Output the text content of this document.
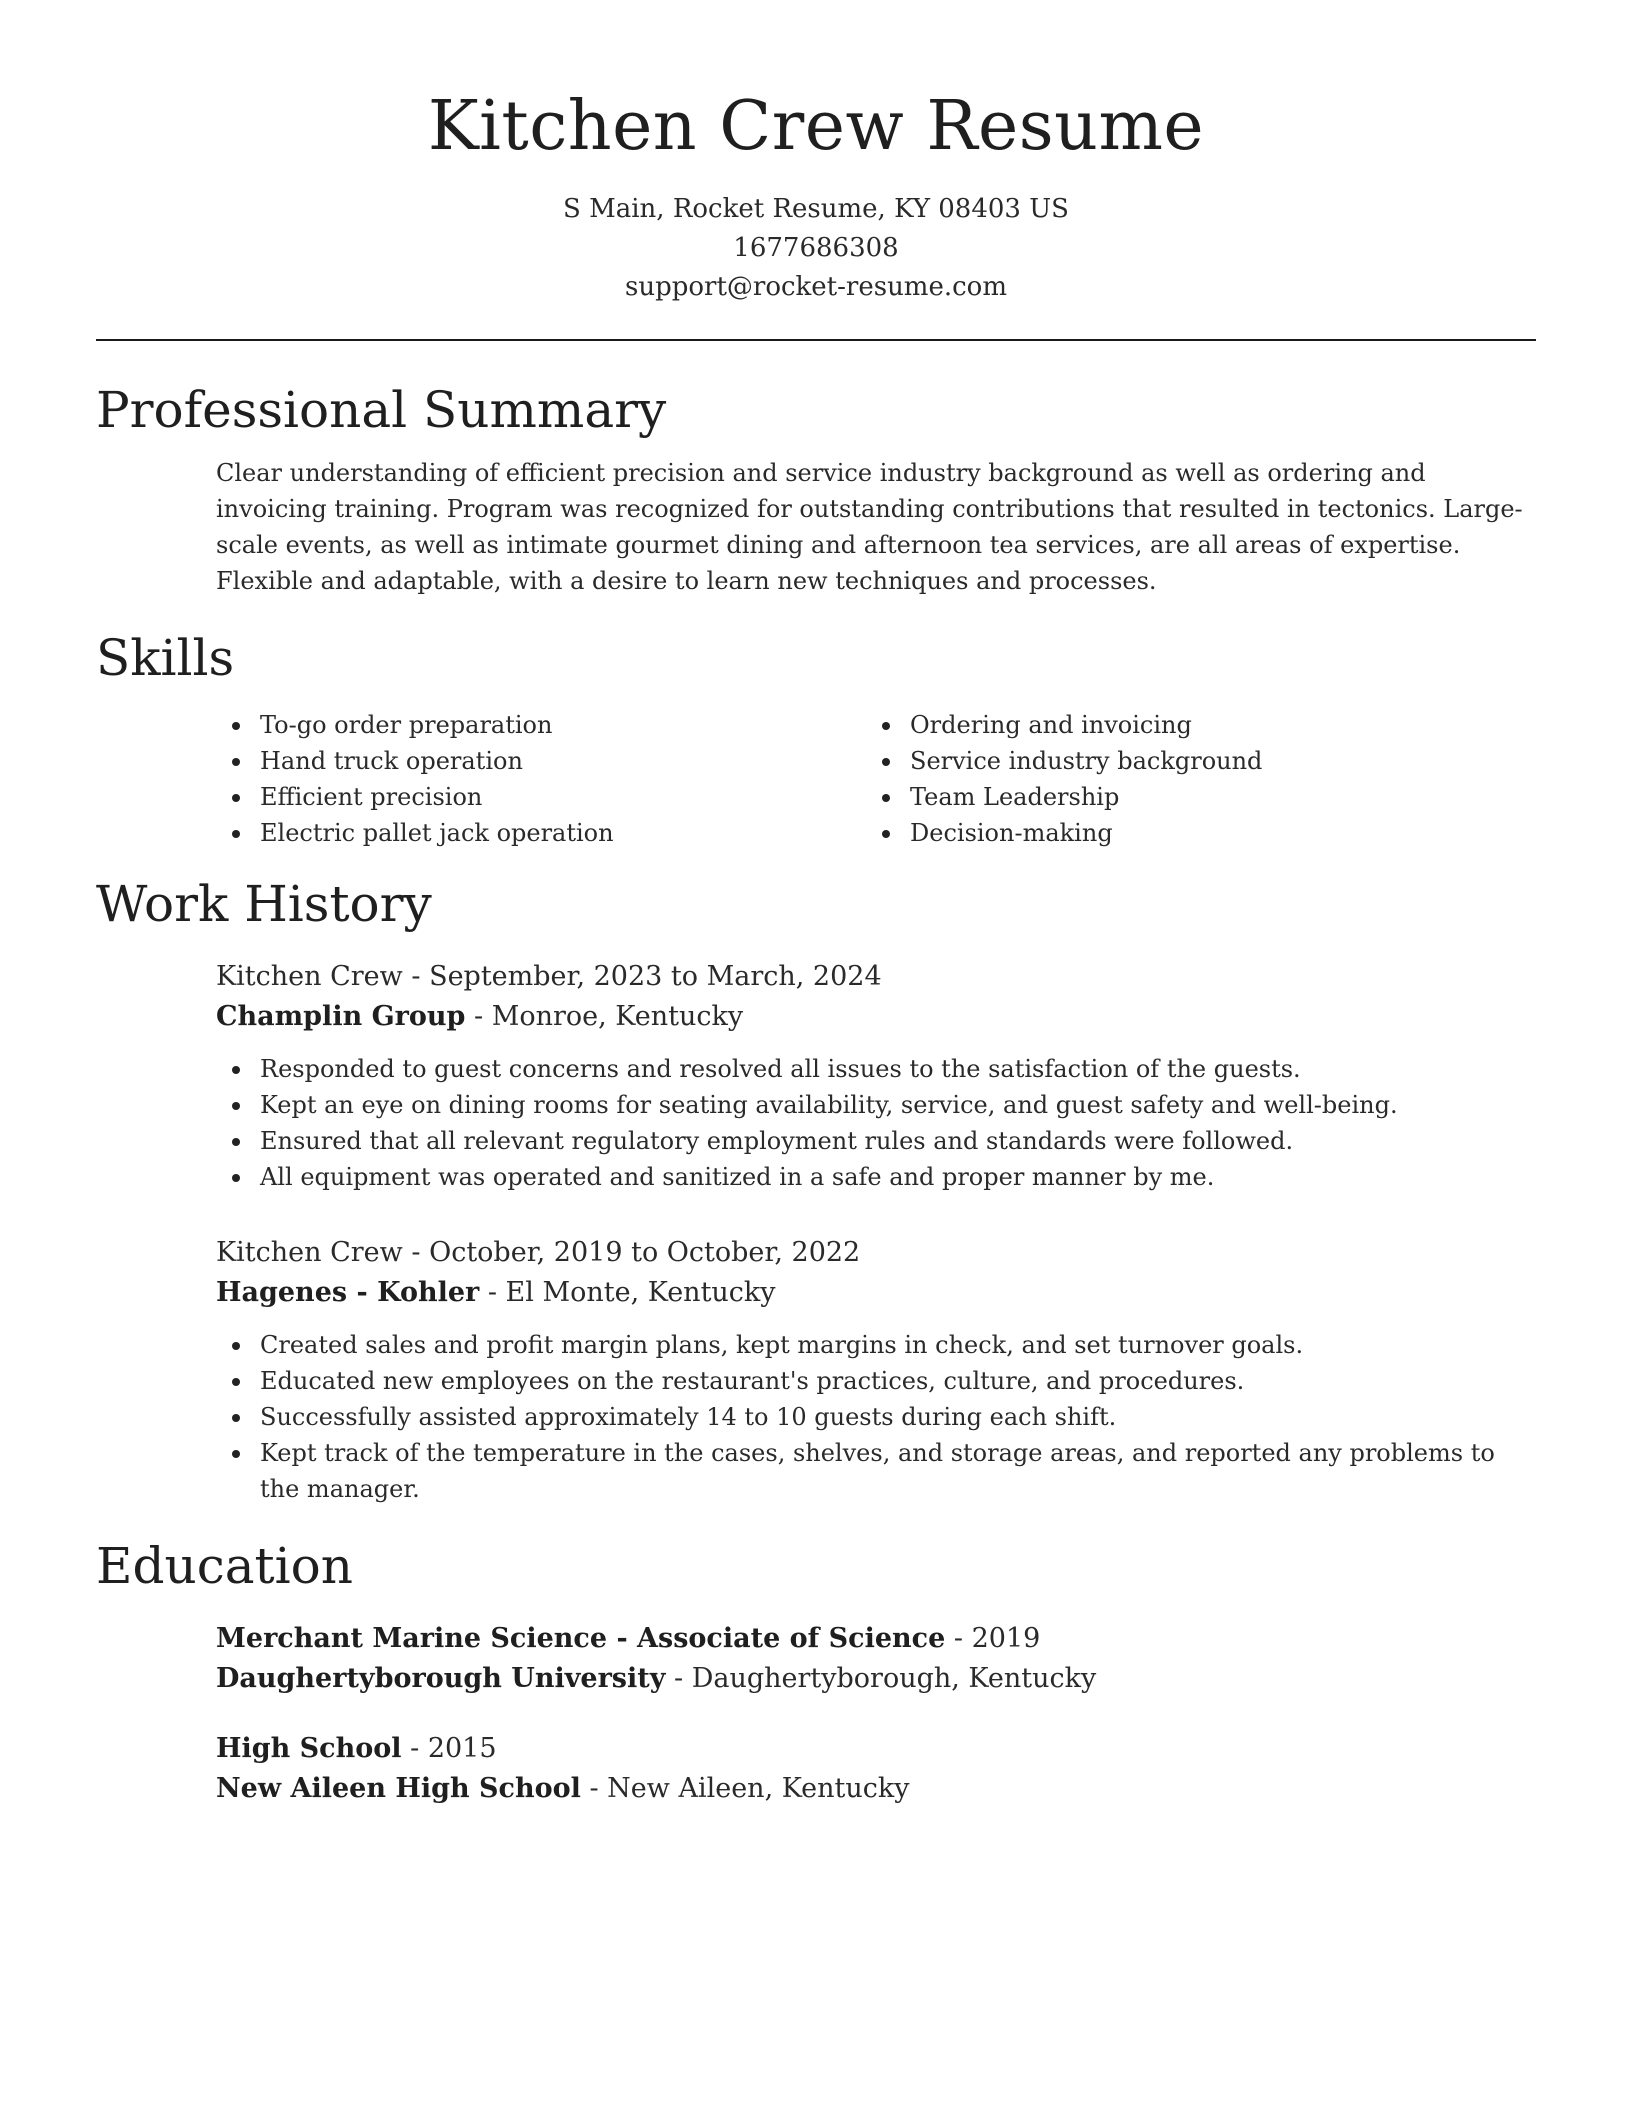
Kitchen Crew Resume
S Main, Rocket Resume, KY 08403 US
1677686308
support@rocket-resume.com
Professional Summary

Clear understanding of efficient precision and service industry background as well as ordering and invoicing training. Program was recognized for outstanding contributions that resulted in tectonics. Large-scale events, as well as intimate gourmet dining and afternoon tea services, are all areas of expertise. Flexible and adaptable, with a desire to learn new techniques and processes.

Skills
To-go order preparation
Hand truck operation
Efficient precision
Electric pallet jack operation
Ordering and invoicing
Service industry background
Team Leadership
Decision-making
Work History
Kitchen Crew - September, 2023 to March, 2024
Champlin Group - Monroe, Kentucky
Responded to guest concerns and resolved all issues to the satisfaction of the guests.
Kept an eye on dining rooms for seating availability, service, and guest safety and well-being.
Ensured that all relevant regulatory employment rules and standards were followed.
All equipment was operated and sanitized in a safe and proper manner by me.
Kitchen Crew - October, 2019 to October, 2022
Hagenes - Kohler - El Monte, Kentucky
Created sales and profit margin plans, kept margins in check, and set turnover goals.
Educated new employees on the restaurant's practices, culture, and procedures.
Successfully assisted approximately 14 to 10 guests during each shift.
Kept track of the temperature in the cases, shelves, and storage areas, and reported any problems to the manager.
Education
Merchant Marine Science - Associate of Science - 2019
Daughertyborough University - Daughertyborough, Kentucky
High School - 2015
New Aileen High School - New Aileen, Kentucky
